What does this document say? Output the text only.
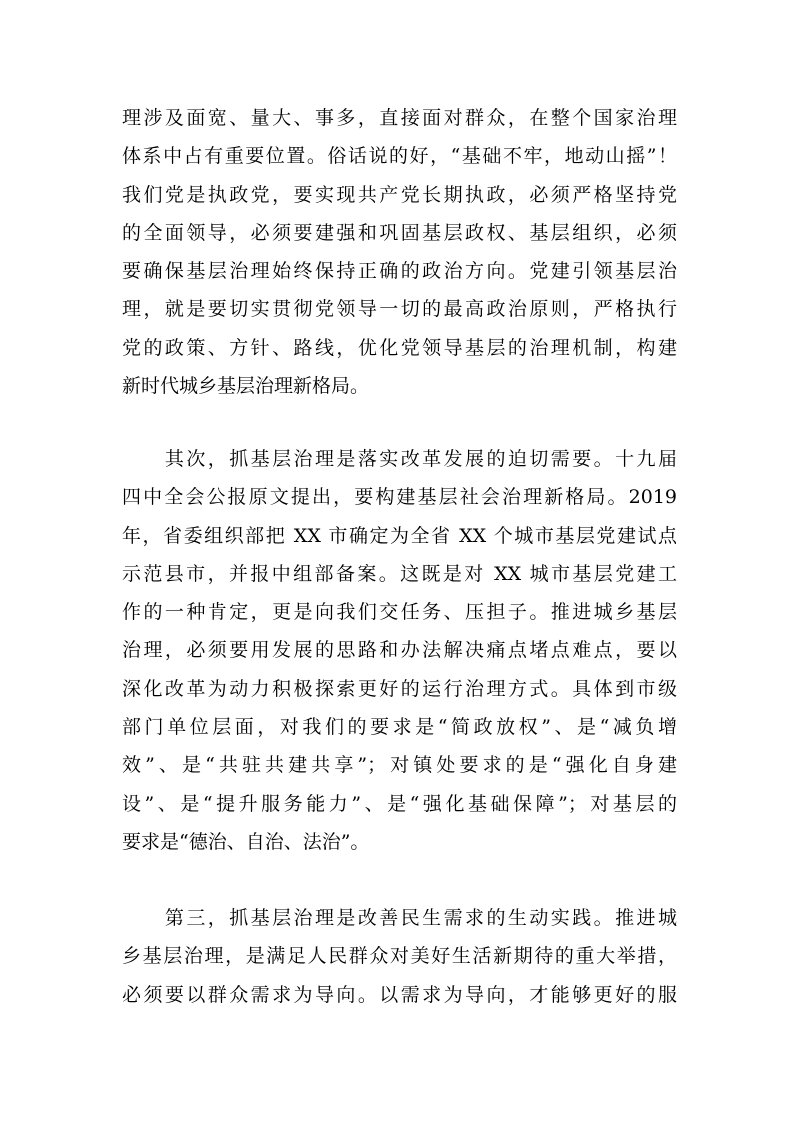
理涉及面宽、量大、事多，直接面对群众，在整个国家治理
体系中占有重要位置。俗话说的好，“基础不牢，地动山摇”！
我们党是执政党，要实现共产党长期执政，必须严格坚持党
的全面领导，必须要建强和巩固基层政权、基层组织，必须
要确保基层治理始终保持正确的政治方向。党建引领基层治
理，就是要切实贯彻党领导一切的最高政治原则，严格执行
党的政策、方针、路线，优化党领导基层的治理机制，构建
新时代城乡基层治理新格局。
　　其次，抓基层治理是落实改革发展的迫切需要。十九届
四中全会公报原文提出，要构建基层社会治理新格局。2019
年，省委组织部把 XX 市确定为全省 XX 个城市基层党建试点
示范县市，并报中组部备案。这既是对 XX 城市基层党建工
作的一种肯定，更是向我们交任务、压担子。推进城乡基层
治理，必须要用发展的思路和办法解决痛点堵点难点，要以
深化改革为动力积极探索更好的运行治理方式。具体到市级
部门单位层面，对我们的要求是“简政放权”、是“减负增
效”、是“共驻共建共享”；对镇处要求的是“强化自身建
设”、是“提升服务能力”、是“强化基础保障”；对基层的
要求是“德治、自治、法治”。
　　第三，抓基层治理是改善民生需求的生动实践。推进城
乡基层治理，是满足人民群众对美好生活新期待的重大举措，
必须要以群众需求为导向。以需求为导向，才能够更好的服
